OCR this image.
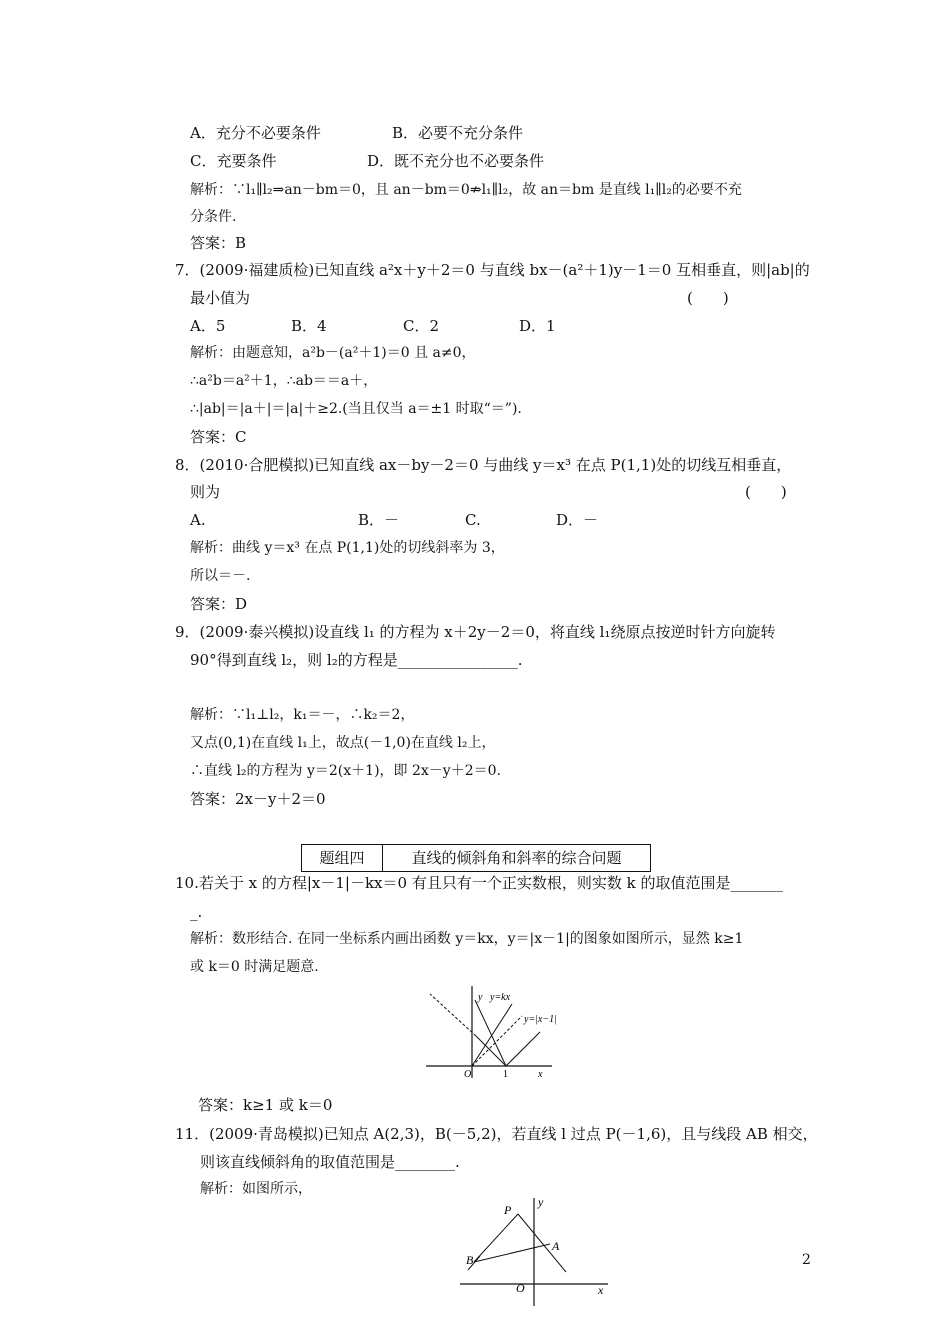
A．充分不必要条件	B．必要不充分条件
C．充要条件	D．既不充分也不必要条件
解析：∵l₁∥l₂⇒an－bm＝0，且 an－bm＝0⇏l₁∥l₂，故 an＝bm 是直线 l₁∥l₂的必要不充
分条件.
答案：B
7．(2009·福建质检)已知直线 a²x＋y＋2＝0 与直线 bx－(a²＋1)y－1＝0 互相垂直，则|ab|的
最小值为	(　　)
A．5	B．4	C．2	D．1
解析：由题意知，a²b－(a²＋1)＝0 且 a≠0，
∴a²b＝a²＋1，∴ab＝＝a＋，
∴|ab|＝|a＋|＝|a|＋≥2.(当且仅当 a＝±1 时取“＝”).
答案：C
8．(2010·合肥模拟)已知直线 ax－by－2＝0 与曲线 y＝x³ 在点 P(1,1)处的切线互相垂直，
则为	(　　)
A.	B．－	C.	D．－
解析：曲线 y＝x³ 在点 P(1,1)处的切线斜率为 3，
所以＝－.
答案：D
9．(2009·泰兴模拟)设直线 l₁ 的方程为 x＋2y－2＝0，将直线 l₁绕原点按逆时针方向旋转
90°得到直线 l₂，则 l₂的方程是________________.
解析：∵l₁⊥l₂，k₁＝－，∴k₂＝2，
又点(0,1)在直线 l₁上，故点(－1,0)在直线 l₂上，
∴直线 l₂的方程为 y＝2(x＋1)，即 2x－y＋2＝0.
答案：2x－y＋2＝0
题组四	直线的倾斜角和斜率的综合问题
10.若关于 x 的方程|x－1|－kx＝0 有且只有一个正实数根，则实数 k 的取值范围是_______
_.
解析：数形结合. 在同一坐标系内画出函数 y＝kx，y＝|x－1|的图象如图所示，显然 k≥1
或 k＝0 时满足题意.
y y=kx
y=|x−1|
O	1	x
答案：k≥1 或 k＝0
11．(2009·青岛模拟)已知点 A(2,3)，B(－5,2)，若直线 l 过点 P(－1,6)，且与线段 AB 相交，
则该直线倾斜角的取值范围是________.
解析：如图所示，
P
A
B
O
y
x
2
